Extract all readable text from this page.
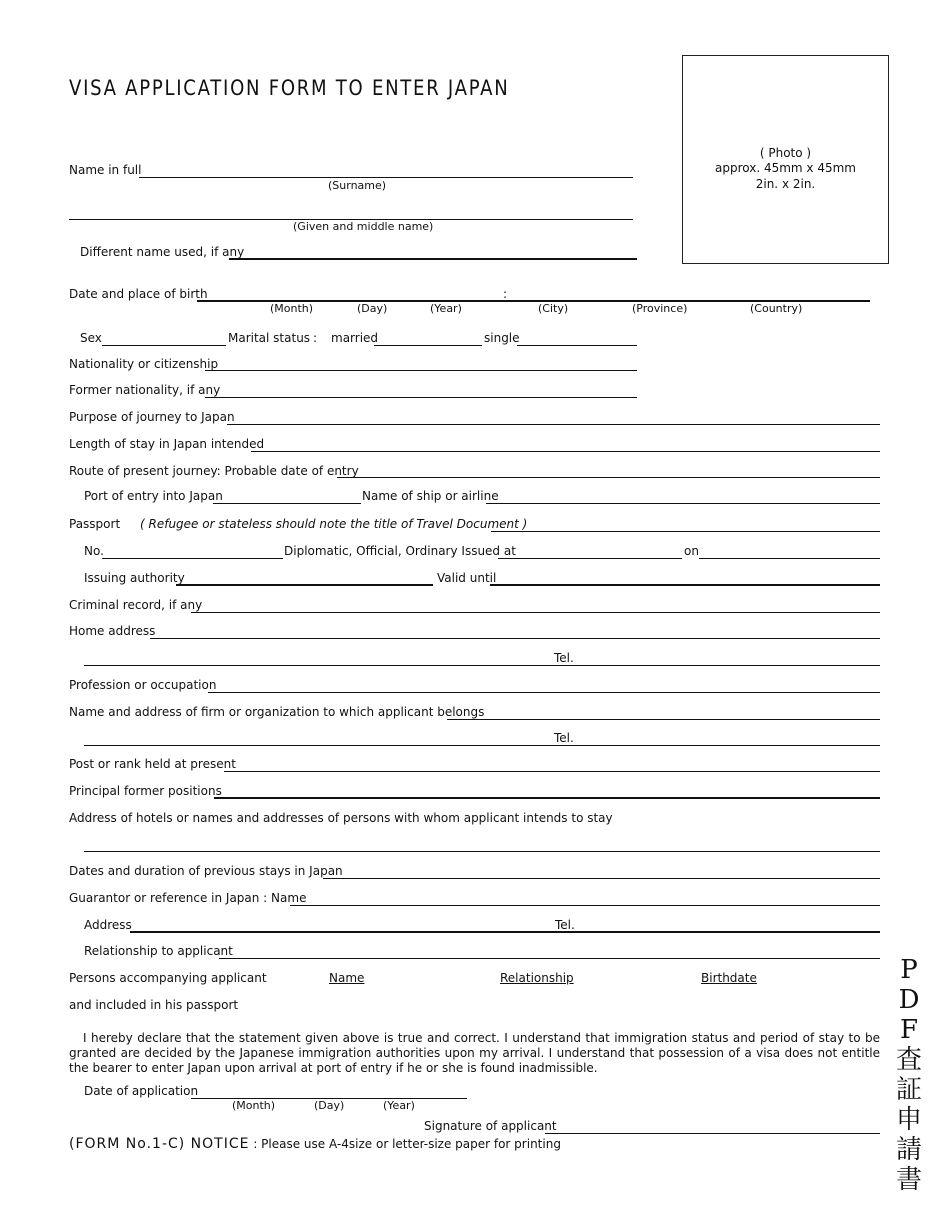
VISA APPLICATION FORM TO ENTER JAPAN
( Photo )
approx. 45mm x 45mm
2in. x 2in.
Name in full
(Surname)
(Given and middle name)
Different name used, if any
Date and place of birth	:
(Month)	(Day)	(Year)	(City)	(Province)	(Country)
Sex	Marital status : married	single
Nationality or citizenship
Former nationality, if any
Purpose of journey to Japan
Length of stay in Japan intended
Route of present journey: Probable date of entry
Port of entry into Japan	Name of ship or airline
Passport ( Refugee or stateless should note the title of Travel Document )
No.	Diplomatic, Official, Ordinary Issued at	on
Issuing authority	Valid until
Criminal record, if any
Home address
Tel.
Profession or occupation
Name and address of firm or organization to which applicant belongs
Tel.
Post or rank held at present
Principal former positions
Address of hotels or names and addresses of persons with whom applicant intends to stay
Dates and duration of previous stays in Japan
Guarantor or reference in Japan : Name
Address	Tel.
Relationship to applicant
Persons accompanying applicant	Name	Relationship	Birthdate
and included in his passport
I hereby declare that the statement given above is true and correct. I understand that immigration status and period of stay to be granted are decided by the Japanese immigration authorities upon my arrival. I understand that possession of a visa does not entitle the bearer to enter Japan upon arrival at port of entry if he or she is found inadmissible.
Date of application
(Month)	(Day)	(Year)
Signature of applicant
(FORM No.1-C) NOTICE : Please use A-4size or letter-size paper for printing
P
D
F
査
証
申
請
書
